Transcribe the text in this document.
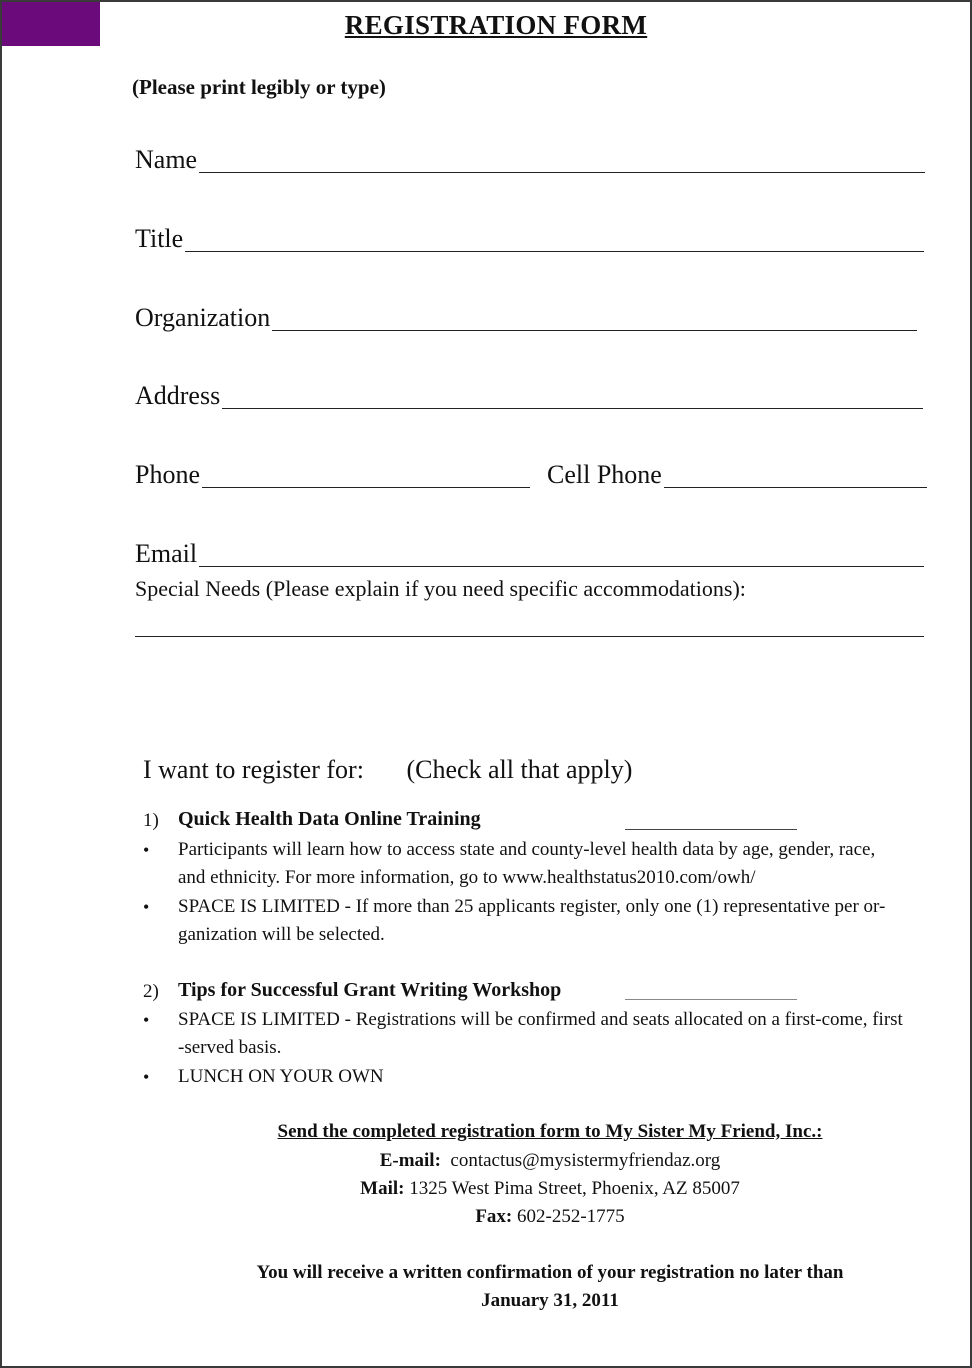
REGISTRATION FORM
(Please print legibly or type)
Name
Title
Organization
Address
Phone	Cell Phone
Email
Special Needs (Please explain if you need specific accommodations):
I want to register for: (Check all that apply)
1) Quick Health Data Online Training
• Participants will learn how to access state and county-level health data by age, gender, race,
and ethnicity. For more information, go to www.healthstatus2010.com/owh/
• SPACE IS LIMITED - If more than 25 applicants register, only one (1) representative per or-
ganization will be selected.
2) Tips for Successful Grant Writing Workshop
• SPACE IS LIMITED - Registrations will be confirmed and seats allocated on a first-come, first
-served basis.
• LUNCH ON YOUR OWN
Send the completed registration form to My Sister My Friend, Inc.:
E-mail: contactus@mysistermyfriendaz.org
Mail: 1325 West Pima Street, Phoenix, AZ 85007
Fax: 602-252-1775
You will receive a written confirmation of your registration no later than
January 31, 2011
